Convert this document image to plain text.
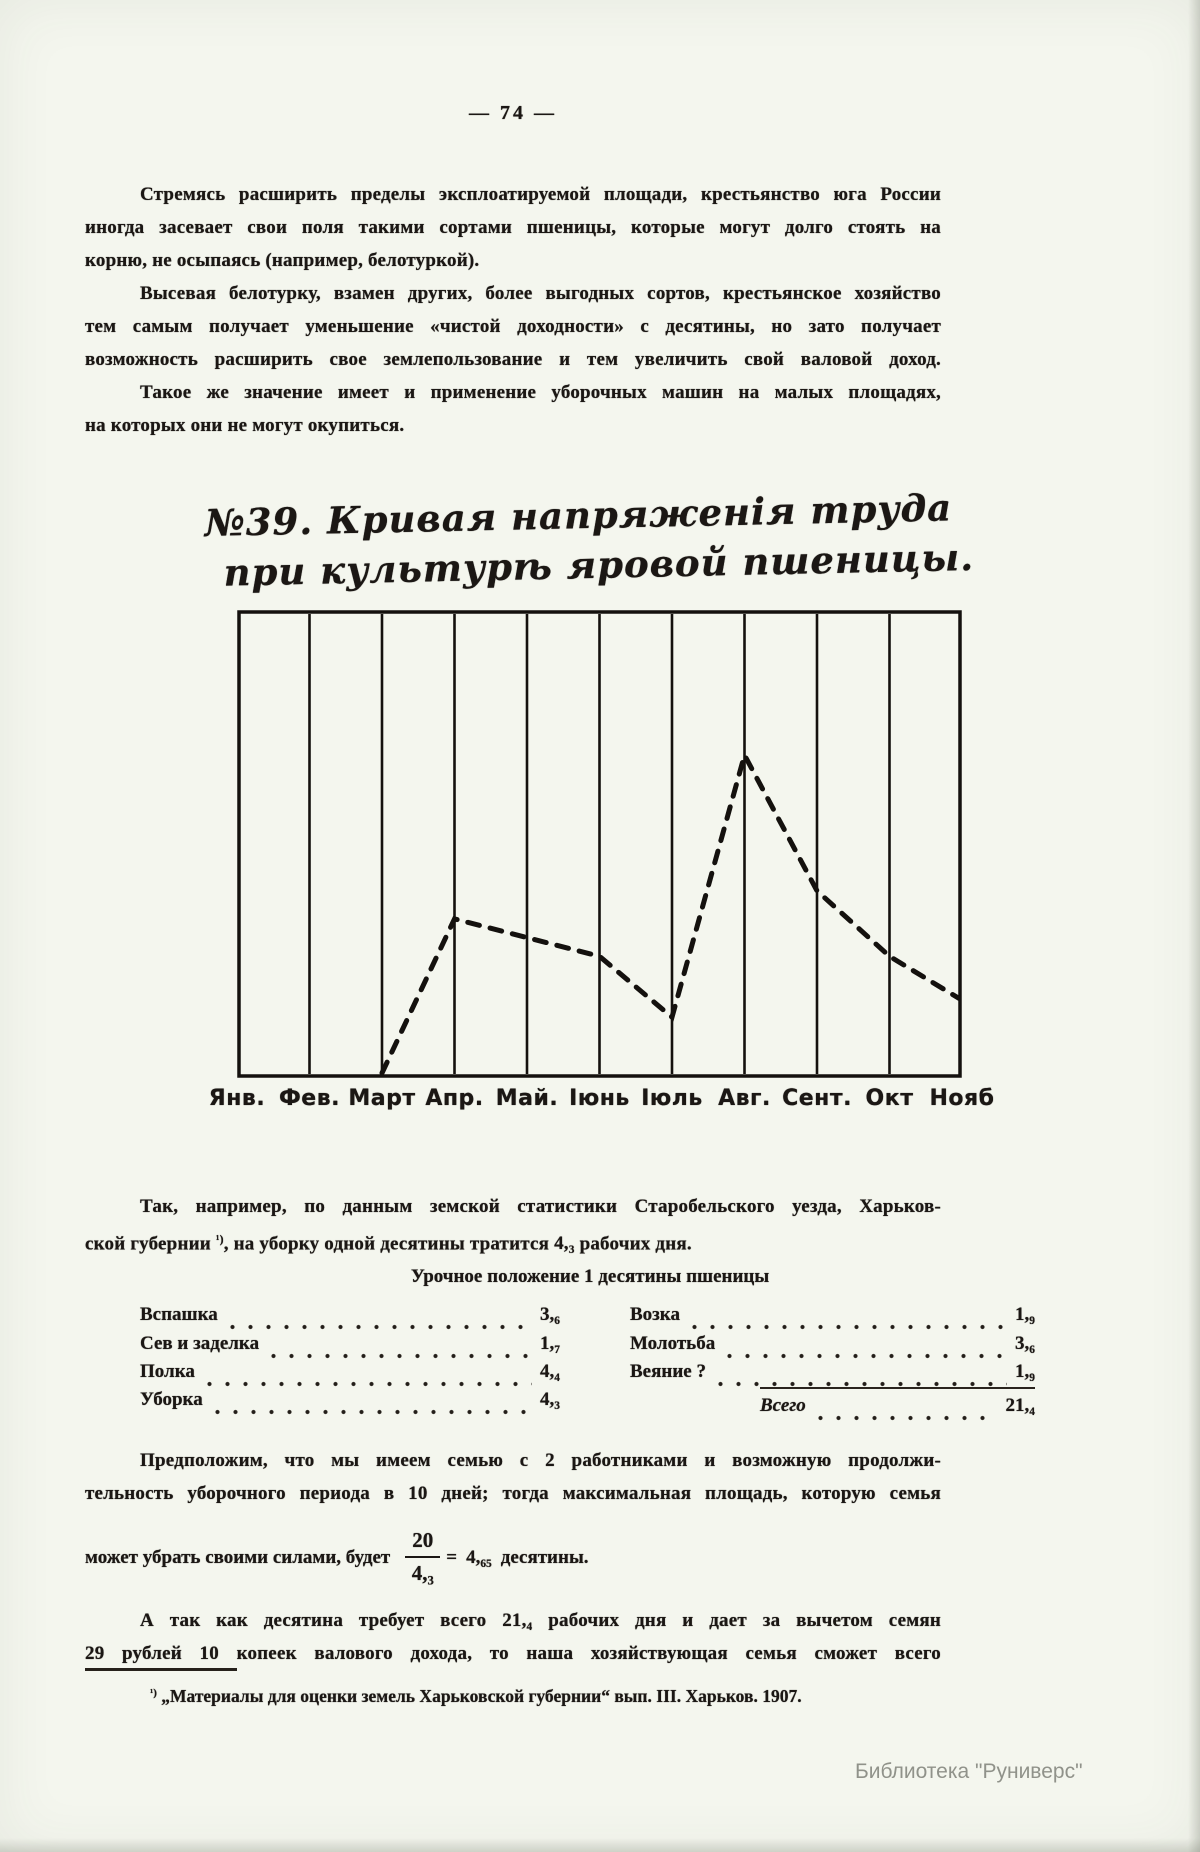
— 74 —
Стремясь расширить пределы эксплоатируемой площади, крестьянство юга России
иногда засевает свои поля такими сортами пшеницы, которые могут долго стоять на
корню, не осыпаясь (например, белотуркой).
Высевая белотурку, взамен других, более выгодных сортов, крестьянское хозяйство
тем самым получает уменьшение «чистой доходности» с десятины, но зато получает
возможность расширить свое землепользование и тем увеличить свой валовой доход.
Такое же значение имеет и применение уборочных машин на малых площадях,
на которых они не могут окупиться.
№39. Кривая напряженія труда
при культурѣ яровой пшеницы.
Янв. Фев. Март Апр. Май. Іюнь Іюль Авг. Сент. Окт Нояб
Так, например, по данным земской статистики Старобельского уезда, Харьков-
ской губернии $^{^1)}$, на уборку одной десятины тратится $4,_3$ рабочих дня.
Урочное положение 1 десятины пшеницы
Вспашка	$3,_6$
Сев и заделка	$1,_7$
Полка	$4,_4$
Уборка	$4,_3$
Возка	$1,_9$
Молотьба	$3,_6$
Веяние ?	$1,_9$
Всего	$21,_4$
Предположим, что мы имеем семью с 2 работниками и возможную продолжи-
тельность уборочного периода в 10 дней; тогда максимальная площадь, которую семья
может убрать своими силами, будет $\frac{20}{4,_3} = 4,_{65}$ десятины.
А так как десятина требует всего $21,_4$ рабочих дня и дает за вычетом семян
29 рублей 10 копеек валового дохода, то наша хозяйствующая семья сможет всего
$^{^1)}$ „Материалы для оценки земель Харьковской губернии“ вып. III. Харьков. 1907.
Библиотека "Руниверс"
